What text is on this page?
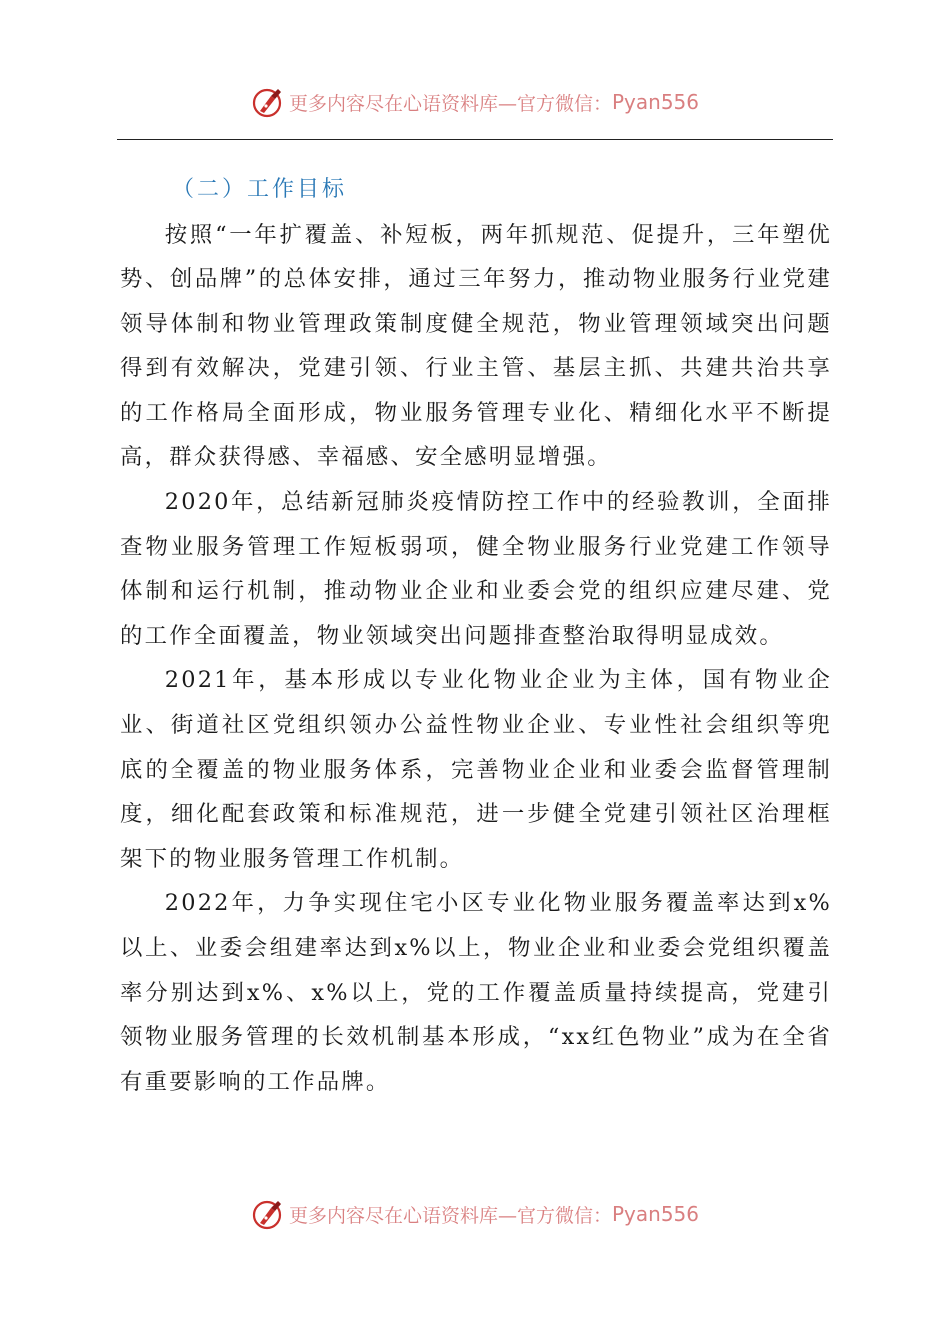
更多内容尽在心语资料库—官方微信： Pyan556
（二）工作目标

按照“一年扩覆盖、补短板，两年抓规范、促提升，三年塑优势、创品牌”的总体安排，通过三年努力，推动物业服务行业党建领导体制和物业管理政策制度健全规范，物业管理领域突出问题得到有效解决，党建引领、行业主管、基层主抓、共建共治共享的工作格局全面形成，物业服务管理专业化、精细化水平不断提高，群众获得感、幸福感、安全感明显增强。

2020年，总结新冠肺炎疫情防控工作中的经验教训，全面排查物业服务管理工作短板弱项，健全物业服务行业党建工作领导体制和运行机制，推动物业企业和业委会党的组织应建尽建、党的工作全面覆盖，物业领域突出问题排查整治取得明显成效。

2021年，基本形成以专业化物业企业为主体，国有物业企业、街道社区党组织领办公益性物业企业、专业性社会组织等兜底的全覆盖的物业服务体系，完善物业企业和业委会监督管理制度，细化配套政策和标准规范，进一步健全党建引领社区治理框架下的物业服务管理工作机制。

2022年，力争实现住宅小区专业化物业服务覆盖率达到x%以上、业委会组建率达到x%以上，物业企业和业委会党组织覆盖率分别达到x%、x%以上，党的工作覆盖质量持续提高，党建引领物业服务管理的长效机制基本形成，“xx红色物业”成为在全省有重要影响的工作品牌。

更多内容尽在心语资料库—官方微信： Pyan556
